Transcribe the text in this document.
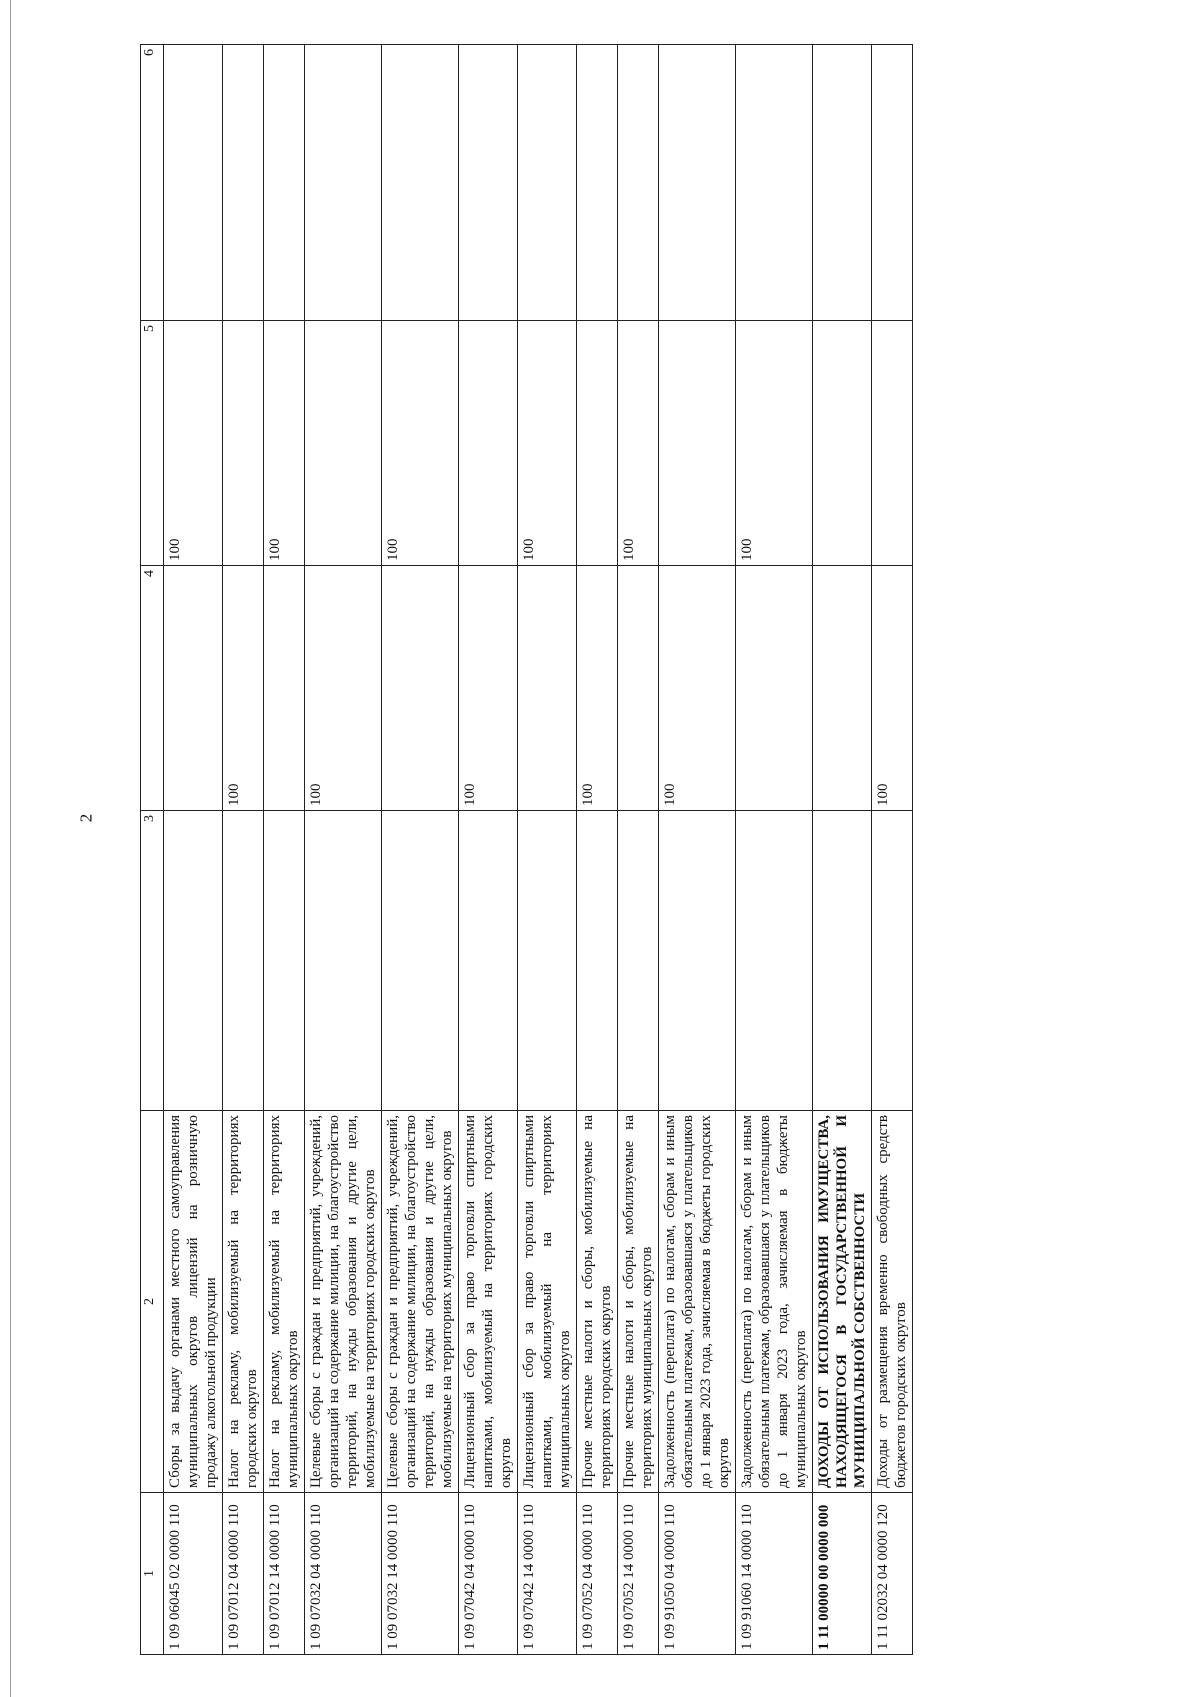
2
1	2	3	4	5	6
1 09 06045 02 0000 110	Сборы за выдачу органами местного самоуправления муниципальных округов лицензий на розничную продажу алкогольной продукции			100	
1 09 07012 04 0000 110	Налог на рекламу, мобилизуемый на территориях городских округов		100		
1 09 07012 14 0000 110	Налог на рекламу, мобилизуемый на территориях муниципальных округов			100	
1 09 07032 04 0000 110	Целевые сборы с граждан и предприятий, учреждений, организаций на содержание милиции, на благоустройство территорий, на нужды образования и другие цели, мобилизуемые на территориях городских округов		100		
1 09 07032 14 0000 110	Целевые сборы с граждан и предприятий, учреждений, организаций на содержание милиции, на благоустройство территорий, на нужды образования и другие цели, мобилизуемые на территориях муниципальных округов			100	
1 09 07042 04 0000 110	Лицензионный сбор за право торговли спиртными напитками, мобилизуемый на территориях городских округов		100		
1 09 07042 14 0000 110	Лицензионный сбор за право торговли спиртными напитками, мобилизуемый на территориях муниципальных округов			100	
1 09 07052 04 0000 110	Прочие местные налоги и сборы, мобилизуемые на территориях городских округов		100		
1 09 07052 14 0000 110	Прочие местные налоги и сборы, мобилизуемые на территориях муниципальных округов			100	
1 09 91050 04 0000 110	Задолженность (переплата) по налогам, сборам и иным обязательным платежам, образовавшаяся у плательщиков до 1 января 2023 года, зачисляемая в бюджеты городских округов		100		
1 09 91060 14 0000 110	Задолженность (переплата) по налогам, сборам и иным обязательным платежам, образовавшаяся у плательщиков до 1 января 2023 года, зачисляемая в бюджеты муниципальных округов			100	
1 11 00000 00 0000 000	ДОХОДЫ ОТ ИСПОЛЬЗОВАНИЯ ИМУЩЕСТВА, НАХОДЯЩЕГОСЯ В ГОСУДАРСТВЕННОЙ И МУНИЦИПАЛЬНОЙ СОБСТВЕННОСТИ				
1 11 02032 04 0000 120	Доходы от размещения временно свободных средств бюджетов городских округов		100		
